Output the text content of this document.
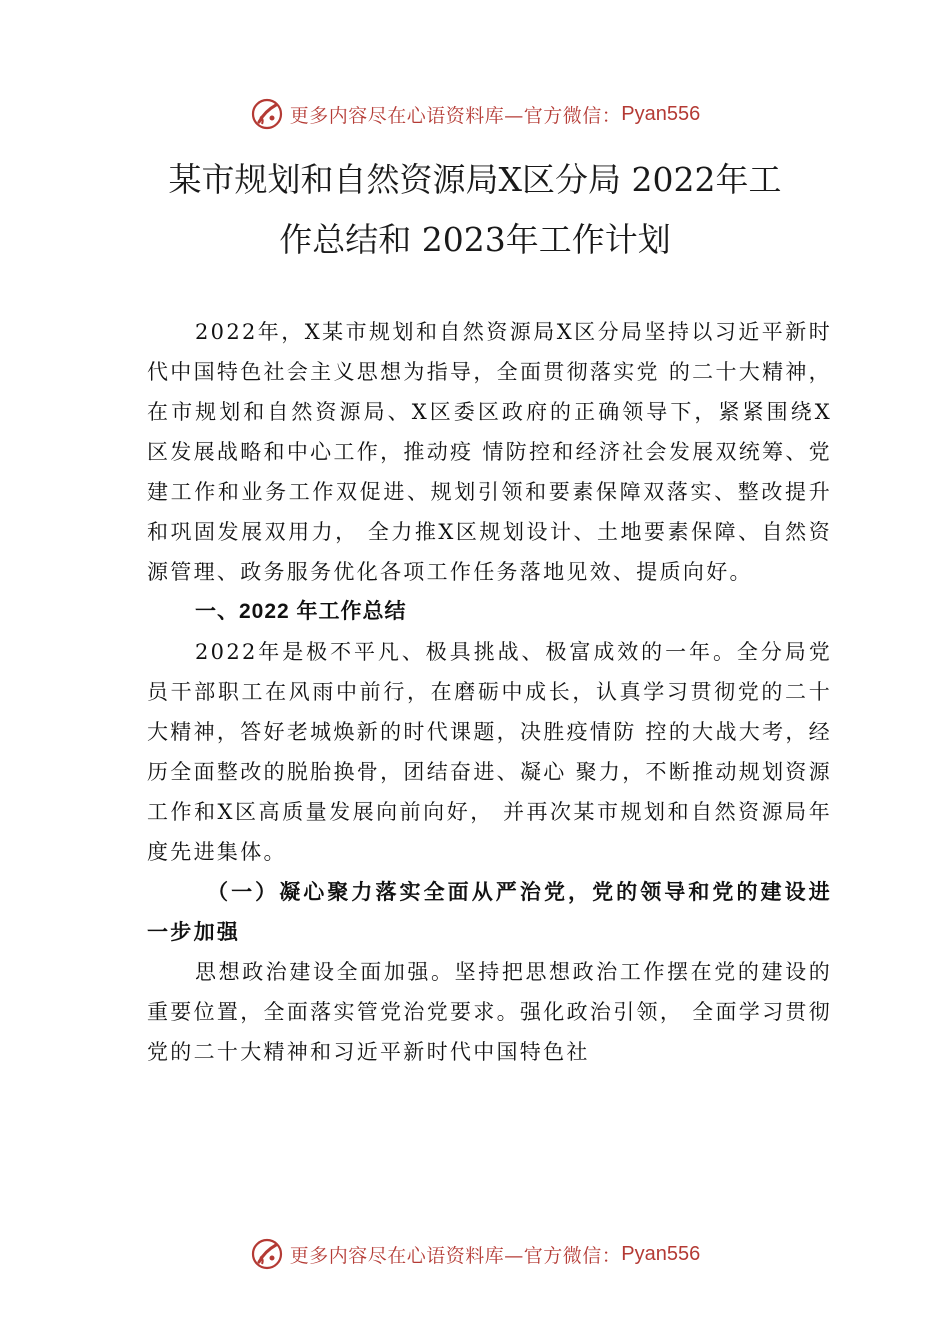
更多内容尽在心语资料库—官方微信： Pyan556
某市规划和自然资源局X区分局 2022年工
作总结和 2023年工作计划

2022年，X某市规划和自然资源局X区分局坚持以习近平新时代中国特色社会主义思想为指导，全面贯彻落实党 的二十大精神，在市规划和自然资源局、X区委区政府的正确领导下，紧紧围绕X区发展战略和中心工作，推动疫 情防控和经济社会发展双统筹、党建工作和业务工作双促进、规划引领和要素保障双落实、整改提升和巩固发展双用力， 全力推X区规划设计、土地要素保障、自然资源管理、政务服务优化各项工作任务落地见效、提质向好。

一、2022 年工作总结

2022年是极不平凡、极具挑战、极富成效的一年。全分局党员干部职工在风雨中前行，在磨砺中成长，认真学习贯彻党的二十大精神，答好老城焕新的时代课题，决胜疫情防 控的大战大考，经历全面整改的脱胎换骨，团结奋进、凝心 聚力，不断推动规划资源工作和X区高质量发展向前向好， 并再次某市规划和自然资源局年度先进集体。

（一）凝心聚力落实全面从严治党，党的领导和党的建设进一步加强

思想政治建设全面加强。坚持把思想政治工作摆在党的建设的重要位置，全面落实管党治党要求。强化政治引领， 全面学习贯彻党的二十大精神和习近平新时代中国特色社

更多内容尽在心语资料库—官方微信： Pyan556
